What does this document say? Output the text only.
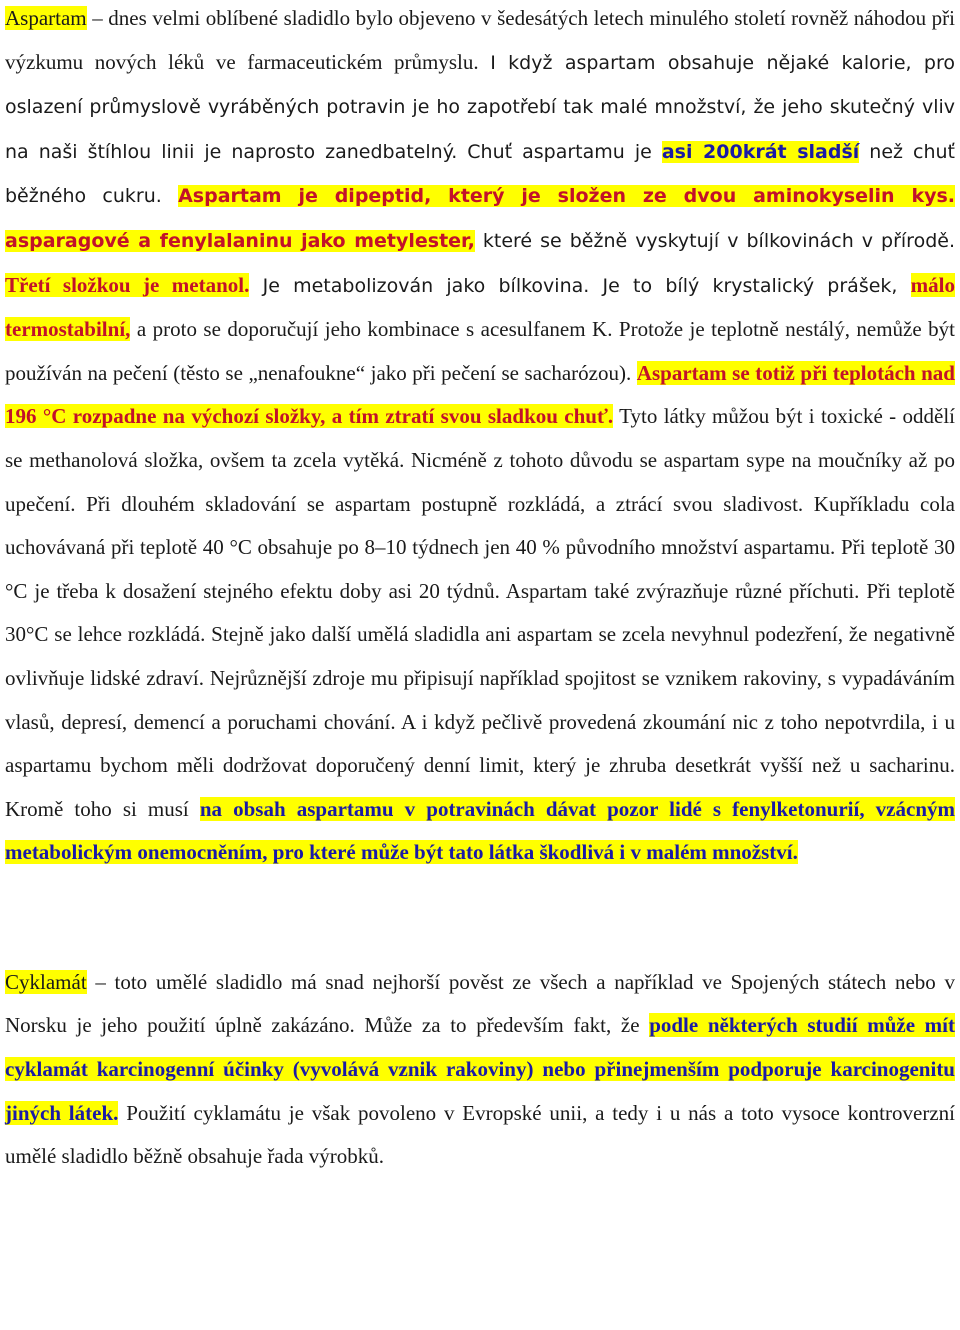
Aspartam – dnes velmi oblíbené sladidlo bylo objeveno v šedesátých letech minulého století rovněž náhodou při výzkumu nových léků ve farmaceutickém průmyslu. I když aspartam obsahuje nějaké kalorie, pro oslazení průmyslově vyráběných potravin je ho zapotřebí tak malé množství, že jeho skutečný vliv na naši štíhlou linii je naprosto zanedbatelný. Chuť aspartamu je asi 200krát sladší než chuť běžného cukru. Aspartam je dipeptid, který je složen ze dvou aminokyselin kys. asparagové a fenylalaninu jako metylester, které se běžně vyskytují v bílkovinách v přírodě. Třetí složkou je metanol. Je metabolizován jako bílkovina. Je to bílý krystalický prášek, málo termostabilní, a proto se doporučují jeho kombinace s acesulfanem K. Protože je teplotně nestálý, nemůže být používán na pečení (těsto se „nenafoukne“ jako při pečení se sacharózou). Aspartam se totiž při teplotách nad 196 °C rozpadne na výchozí složky, a tím ztratí svou sladkou chuť. Tyto látky můžou být i toxické - oddělí se methanolová složka, ovšem ta zcela vytěká. Nicméně z tohoto důvodu se aspartam sype na moučníky až po upečení. Při dlouhém skladování se aspartam postupně rozkládá, a ztrácí svou sladivost. Kupříkladu cola uchovávaná při teplotě 40 °C obsahuje po 8–10 týdnech jen 40 % původního množství aspartamu. Při teplotě 30 °C je třeba k dosažení stejného efektu doby asi 20 týdnů. Aspartam také zvýrazňuje různé příchuti. Při teplotě 30°C se lehce rozkládá. Stejně jako další umělá sladidla ani aspartam se zcela nevyhnul podezření, že negativně ovlivňuje lidské zdraví. Nejrůznější zdroje mu připisují například spojitost se vznikem rakoviny, s vypadáváním vlasů, depresí, demencí a poruchami chování. A i když pečlivě provedená zkoumání nic z toho nepotvrdila, i u aspartamu bychom měli dodržovat doporučený denní limit, který je zhruba desetkrát vyšší než u sacharinu. Kromě toho si musí na obsah aspartamu v potravinách dávat pozor lidé s fenylketonurií, vzácným metabolickým onemocněním, pro které může být tato látka škodlivá i v malém množství.

Cyklamát – toto umělé sladidlo má snad nejhorší pověst ze všech a například ve Spojených státech nebo v Norsku je jeho použití úplně zakázáno. Může za to především fakt, že podle některých studií může mít cyklamát karcinogenní účinky (vyvolává vznik rakoviny) nebo přinejmenším podporuje karcinogenitu jiných látek. Použití cyklamátu je však povoleno v Evropské unii, a tedy i u nás a toto vysoce kontroverzní umělé sladidlo běžně obsahuje řada výrobků.
